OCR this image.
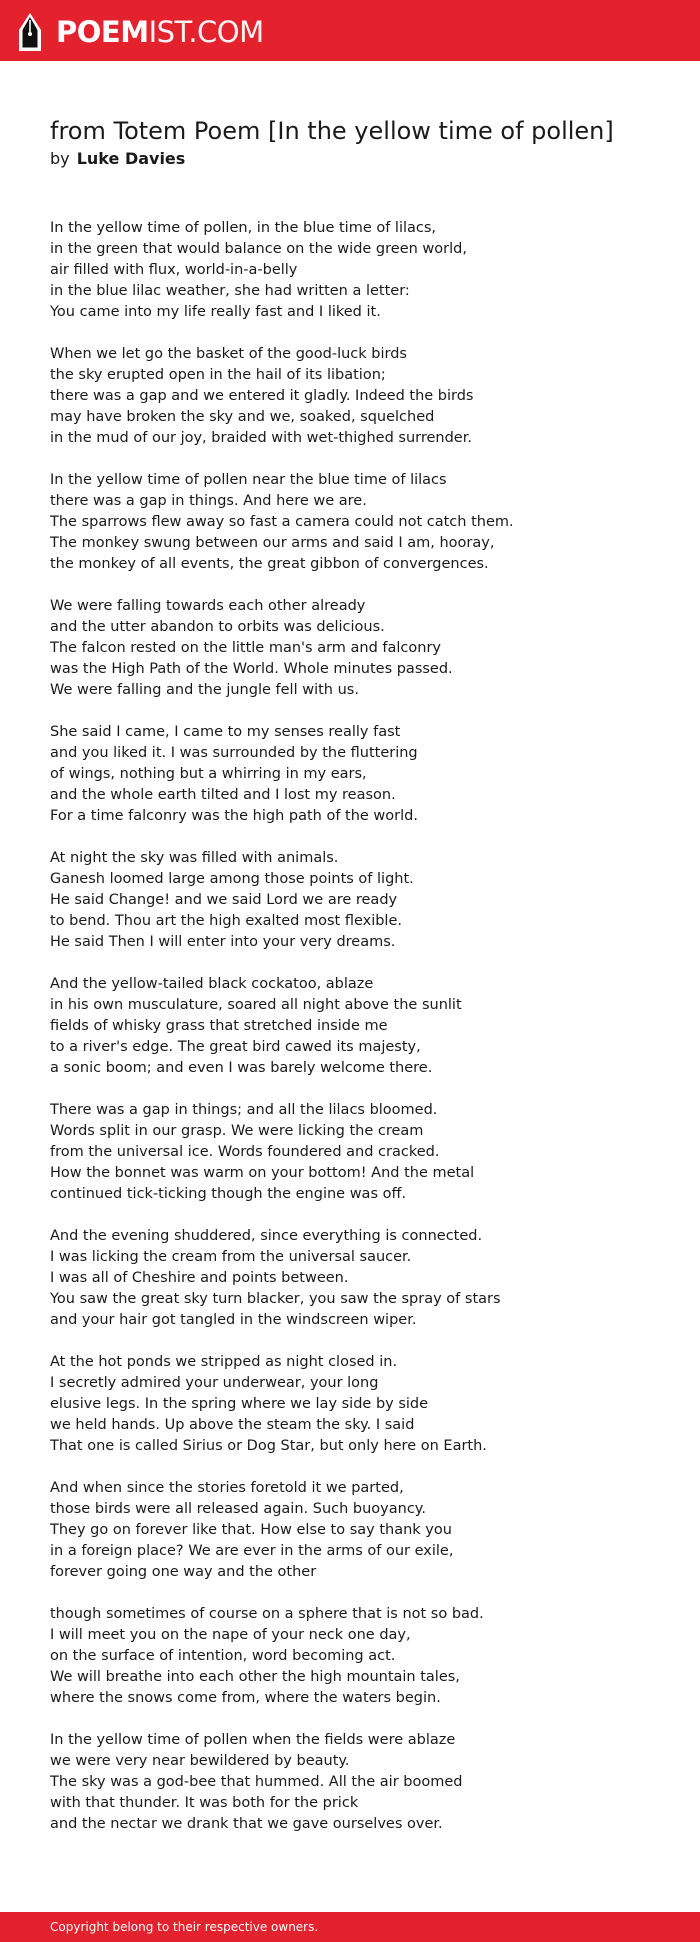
POEMIST.COM
from Totem Poem [In the yellow time of pollen]
by Luke Davies
In the yellow time of pollen, in the blue time of lilacs,
in the green that would balance on the wide green world,
air filled with flux, world-in-a-belly
in the blue lilac weather, she had written a letter:
You came into my life really fast and I liked it.
When we let go the basket of the good-luck birds
the sky erupted open in the hail of its libation;
there was a gap and we entered it gladly. Indeed the birds
may have broken the sky and we, soaked, squelched
in the mud of our joy, braided with wet-thighed surrender.
In the yellow time of pollen near the blue time of lilacs
there was a gap in things. And here we are.
The sparrows flew away so fast a camera could not catch them.
The monkey swung between our arms and said I am, hooray,
the monkey of all events, the great gibbon of convergences.
We were falling towards each other already
and the utter abandon to orbits was delicious.
The falcon rested on the little man's arm and falconry
was the High Path of the World. Whole minutes passed.
We were falling and the jungle fell with us.
She said I came, I came to my senses really fast
and you liked it. I was surrounded by the fluttering
of wings, nothing but a whirring in my ears,
and the whole earth tilted and I lost my reason.
For a time falconry was the high path of the world.
At night the sky was filled with animals.
Ganesh loomed large among those points of light.
He said Change! and we said Lord we are ready
to bend. Thou art the high exalted most flexible.
He said Then I will enter into your very dreams.
And the yellow-tailed black cockatoo, ablaze
in his own musculature, soared all night above the sunlit
fields of whisky grass that stretched inside me
to a river's edge. The great bird cawed its majesty,
a sonic boom; and even I was barely welcome there.
There was a gap in things; and all the lilacs bloomed.
Words split in our grasp. We were licking the cream
from the universal ice. Words foundered and cracked.
How the bonnet was warm on your bottom! And the metal
continued tick-ticking though the engine was off.
And the evening shuddered, since everything is connected.
I was licking the cream from the universal saucer.
I was all of Cheshire and points between.
You saw the great sky turn blacker, you saw the spray of stars
and your hair got tangled in the windscreen wiper.
At the hot ponds we stripped as night closed in.
I secretly admired your underwear, your long
elusive legs. In the spring where we lay side by side
we held hands. Up above the steam the sky. I said
That one is called Sirius or Dog Star, but only here on Earth.
And when since the stories foretold it we parted,
those birds were all released again. Such buoyancy.
They go on forever like that. How else to say thank you
in a foreign place? We are ever in the arms of our exile,
forever going one way and the other
though sometimes of course on a sphere that is not so bad.
I will meet you on the nape of your neck one day,
on the surface of intention, word becoming act.
We will breathe into each other the high mountain tales,
where the snows come from, where the waters begin.
In the yellow time of pollen when the fields were ablaze
we were very near bewildered by beauty.
The sky was a god-bee that hummed. All the air boomed
with that thunder. It was both for the prick
and the nectar we drank that we gave ourselves over.
Copyright belong to their respective owners.
